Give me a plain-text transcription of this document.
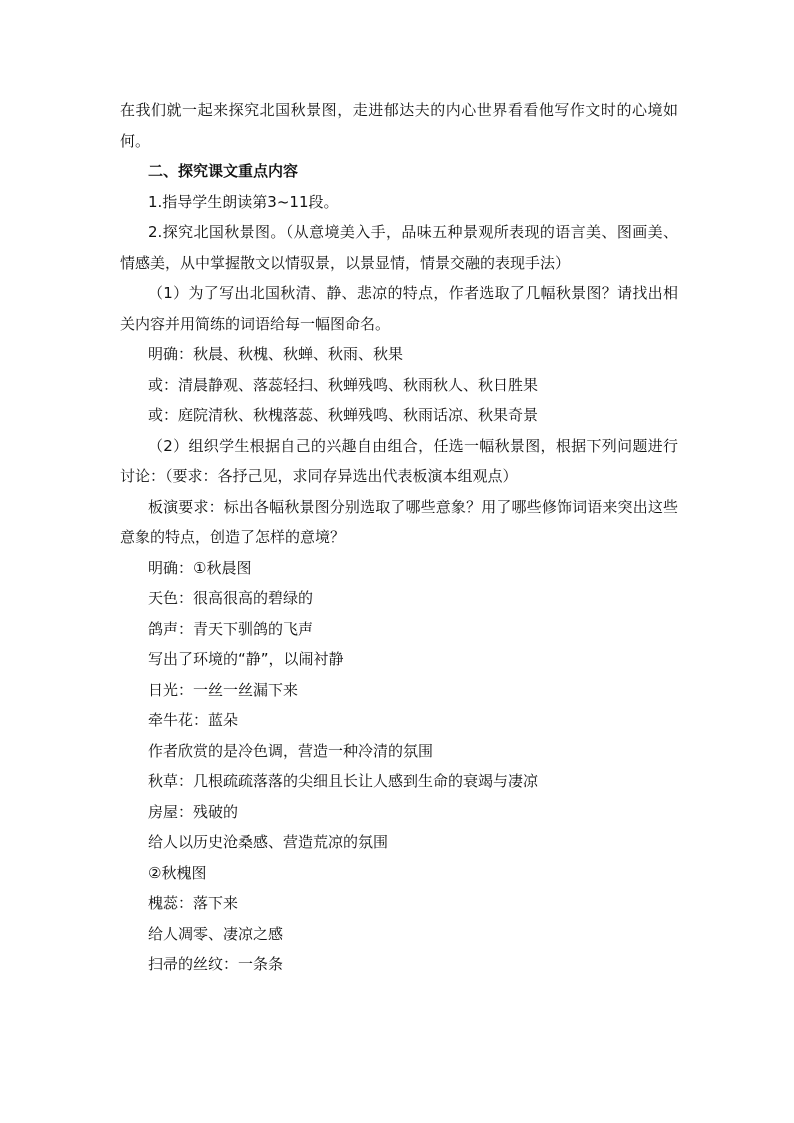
在我们就一起来探究北国秋景图，走进郁达夫的内心世界看看他写作文时的心境如何。

二、探究课文重点内容

1.指导学生朗读第3~11段。

2.探究北国秋景图。（从意境美入手，品味五种景观所表现的语言美、图画美、情感美，从中掌握散文以情驭景，以景显情，情景交融的表现手法）

（1）为了写出北国秋清、静、悲凉的特点，作者选取了几幅秋景图？请找出相关内容并用简练的词语给每一幅图命名。

明确：秋晨、秋槐、秋蝉、秋雨、秋果

或：清晨静观、落蕊轻扫、秋蝉残鸣、秋雨秋人、秋日胜果

或：庭院清秋、秋槐落蕊、秋蝉残鸣、秋雨话凉、秋果奇景

（2）组织学生根据自己的兴趣自由组合，任选一幅秋景图，根据下列问题进行讨论：（要求：各抒己见，求同存异选出代表板演本组观点）

板演要求：标出各幅秋景图分别选取了哪些意象？用了哪些修饰词语来突出这些意象的特点，创造了怎样的意境？

明确：①秋晨图

天色：很高很高的碧绿的

鸽声：青天下驯鸽的飞声

写出了环境的“静”，以闹衬静

日光：一丝一丝漏下来

牵牛花：蓝朵

作者欣赏的是冷色调，营造一种冷清的氛围

秋草：几根疏疏落落的尖细且长让人感到生命的衰竭与凄凉

房屋：残破的

给人以历史沧桑感、营造荒凉的氛围

②秋槐图

槐蕊：落下来

给人凋零、凄凉之感

扫帚的丝纹：一条条
